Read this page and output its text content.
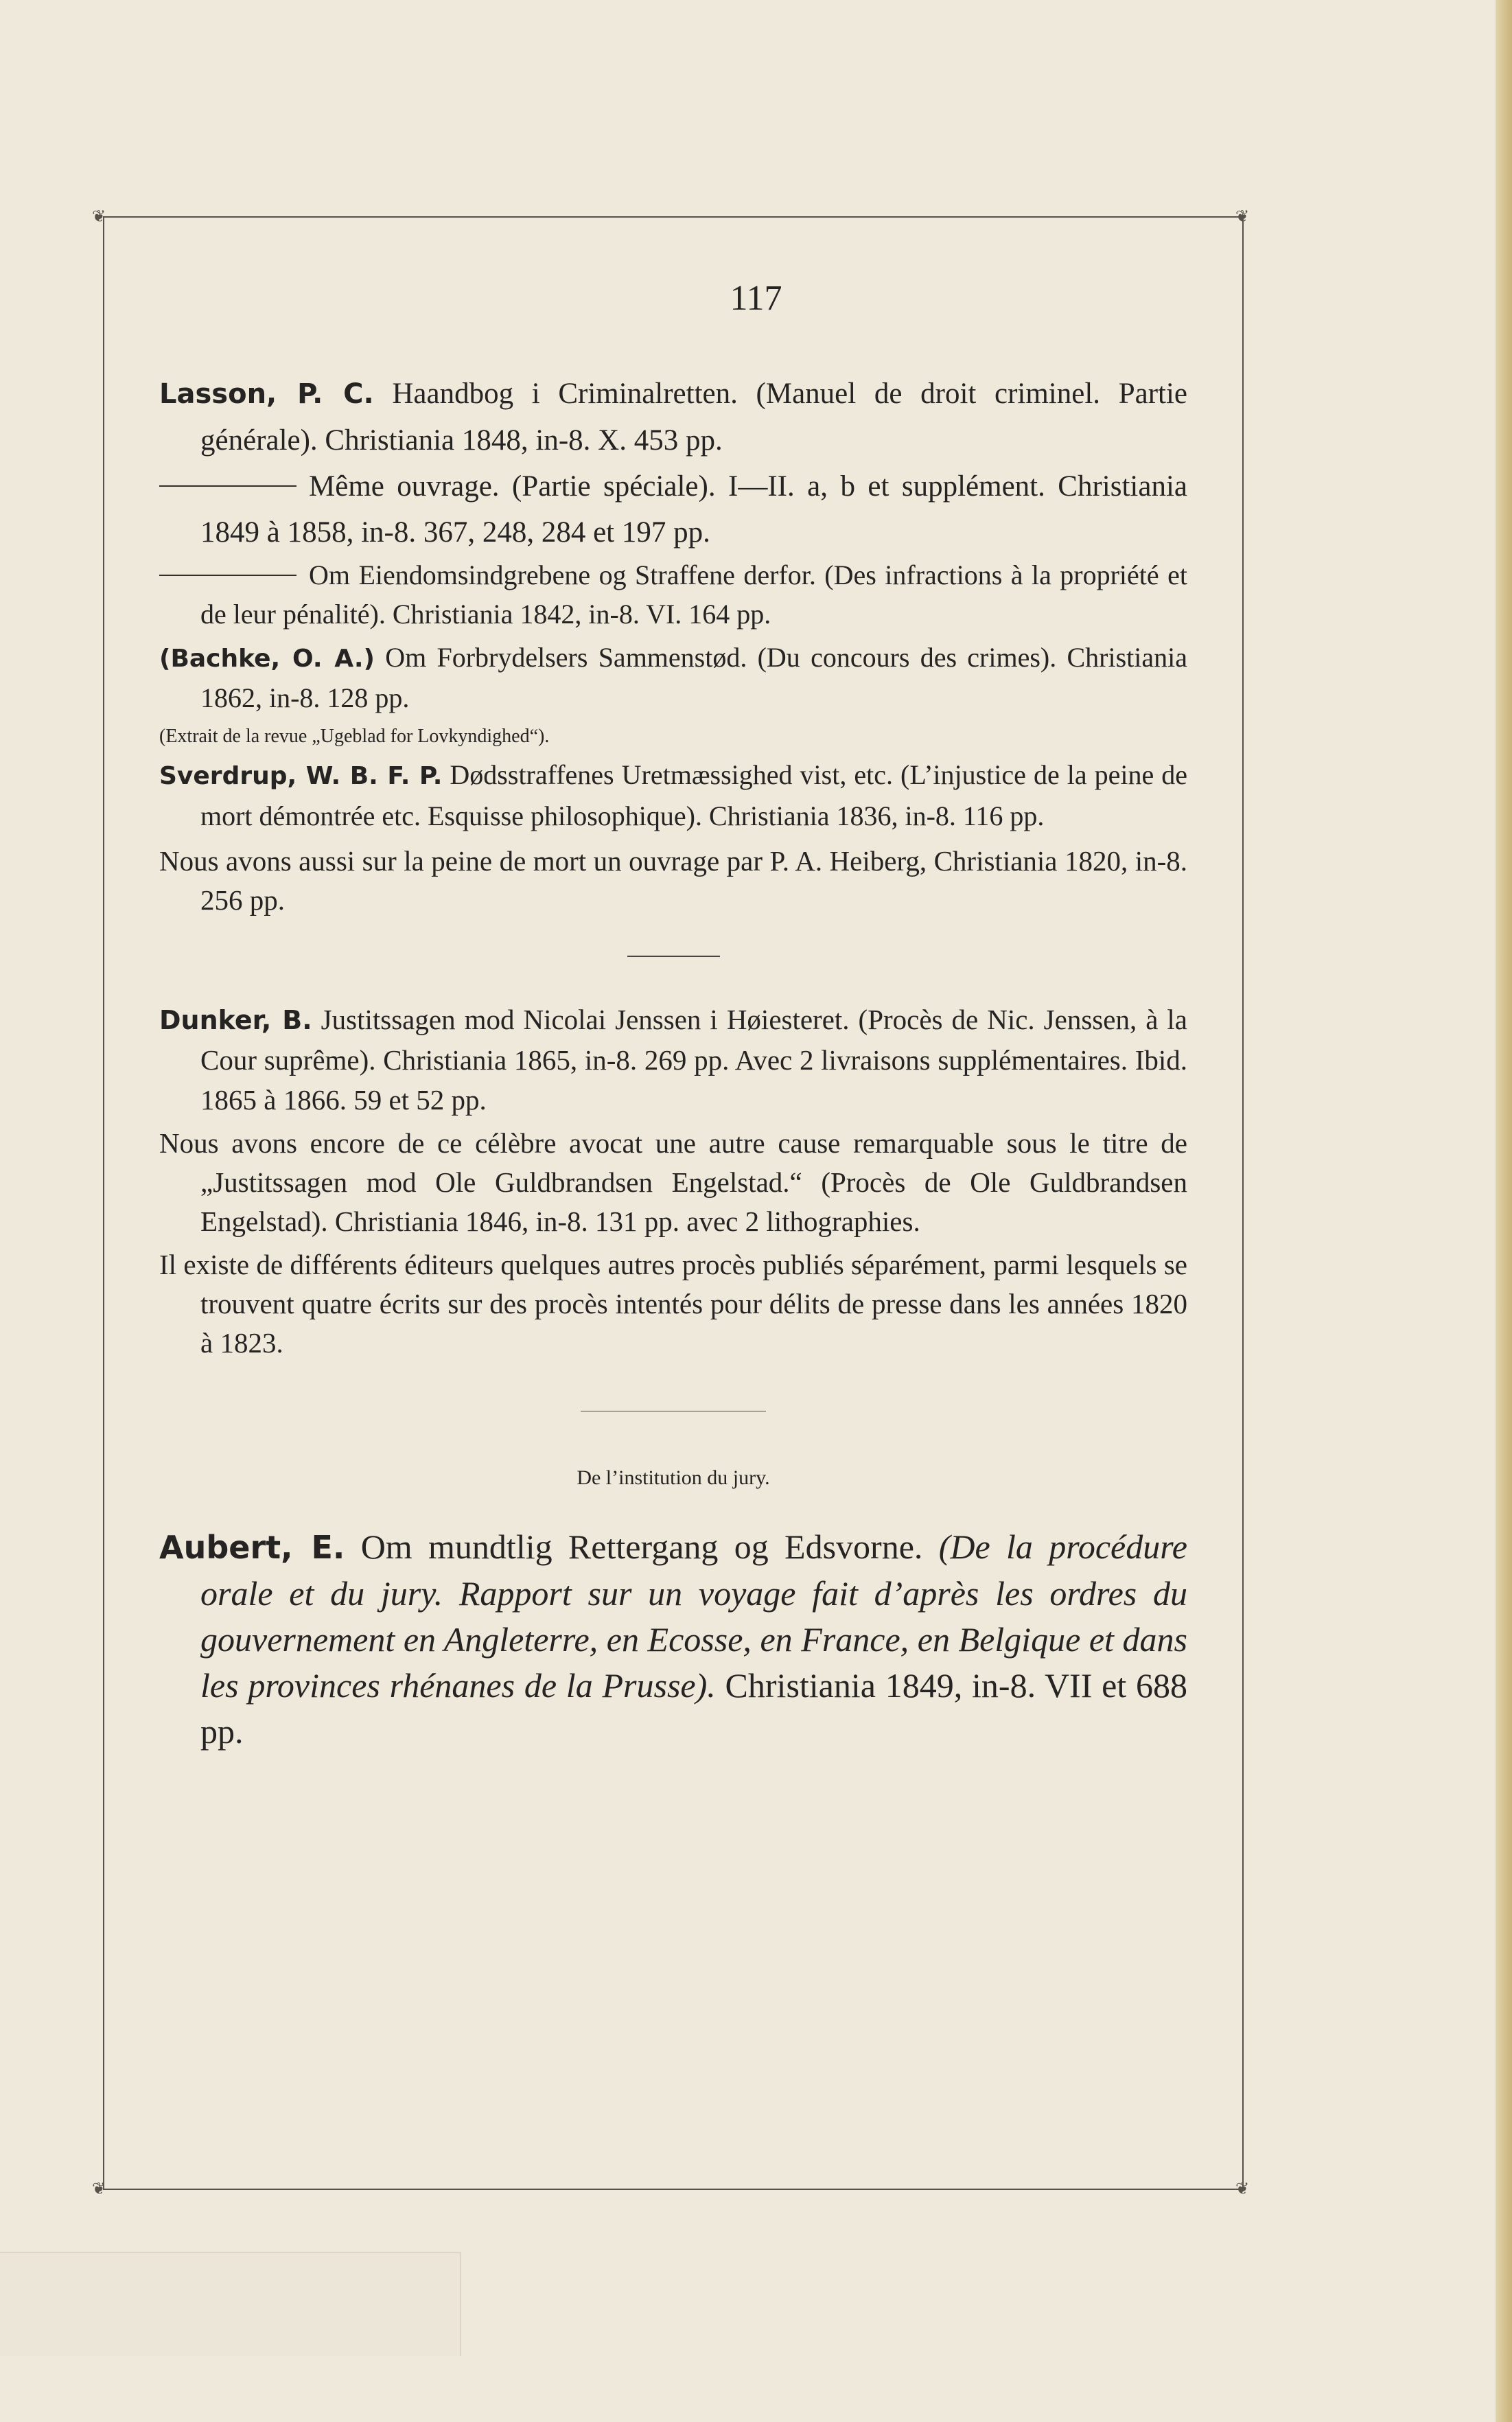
❦	❦
❦	❦
117

Lasson, P. C. Haandbog i Criminalretten. (Manuel de droit criminel. Partie générale). Christiania 1848, in-8. X. 453 pp.

Même ouvrage. (Partie spéciale). I—II. a, b et supplément. Christiania 1849 à 1858, in-8. 367, 248, 284 et 197 pp.

Om Eiendomsindgrebene og Straffene derfor. (Des infractions à la propriété et de leur pénalité). Christiania 1842, in-8. VI. 164 pp.

(Bachke, O. A.) Om Forbrydelsers Sammenstød. (Du concours des crimes). Christiania 1862, in-8. 128 pp.

(Extrait de la revue „Ugeblad for Lovkyndighed“).

Sverdrup, W. B. F. P. Dødsstraffenes Uretmæssighed vist, etc. (L’injustice de la peine de mort démontrée etc. Esquisse philosophique). Christiania 1836, in-8. 116 pp.

Nous avons aussi sur la peine de mort un ouvrage par P. A. Heiberg, Christiania 1820, in-8. 256 pp.

Dunker, B. Justitssagen mod Nicolai Jenssen i Høiesteret. (Procès de Nic. Jenssen, à la Cour suprême). Christiania 1865, in-8. 269 pp. Avec 2 livraisons supplémentaires. Ibid. 1865 à 1866. 59 et 52 pp.

Nous avons encore de ce célèbre avocat une autre cause remarquable sous le titre de „Justitssagen mod Ole Guldbrandsen Engelstad.“ (Procès de Ole Guldbrandsen Engelstad). Christiania 1846, in-8. 131 pp. avec 2 lithographies.

Il existe de différents éditeurs quelques autres procès publiés séparément, parmi lesquels se trouvent quatre écrits sur des procès intentés pour délits de presse dans les années 1820 à 1823.

De l’institution du jury.

Aubert, E. Om mundtlig Rettergang og Edsvorne. (De la procédure orale et du jury. Rapport sur un voyage fait d’après les ordres du gouvernement en Angleterre, en Ecosse, en France, en Belgique et dans les provinces rhénanes de la Prusse). Christiania 1849, in-8. VII et 688 pp.
